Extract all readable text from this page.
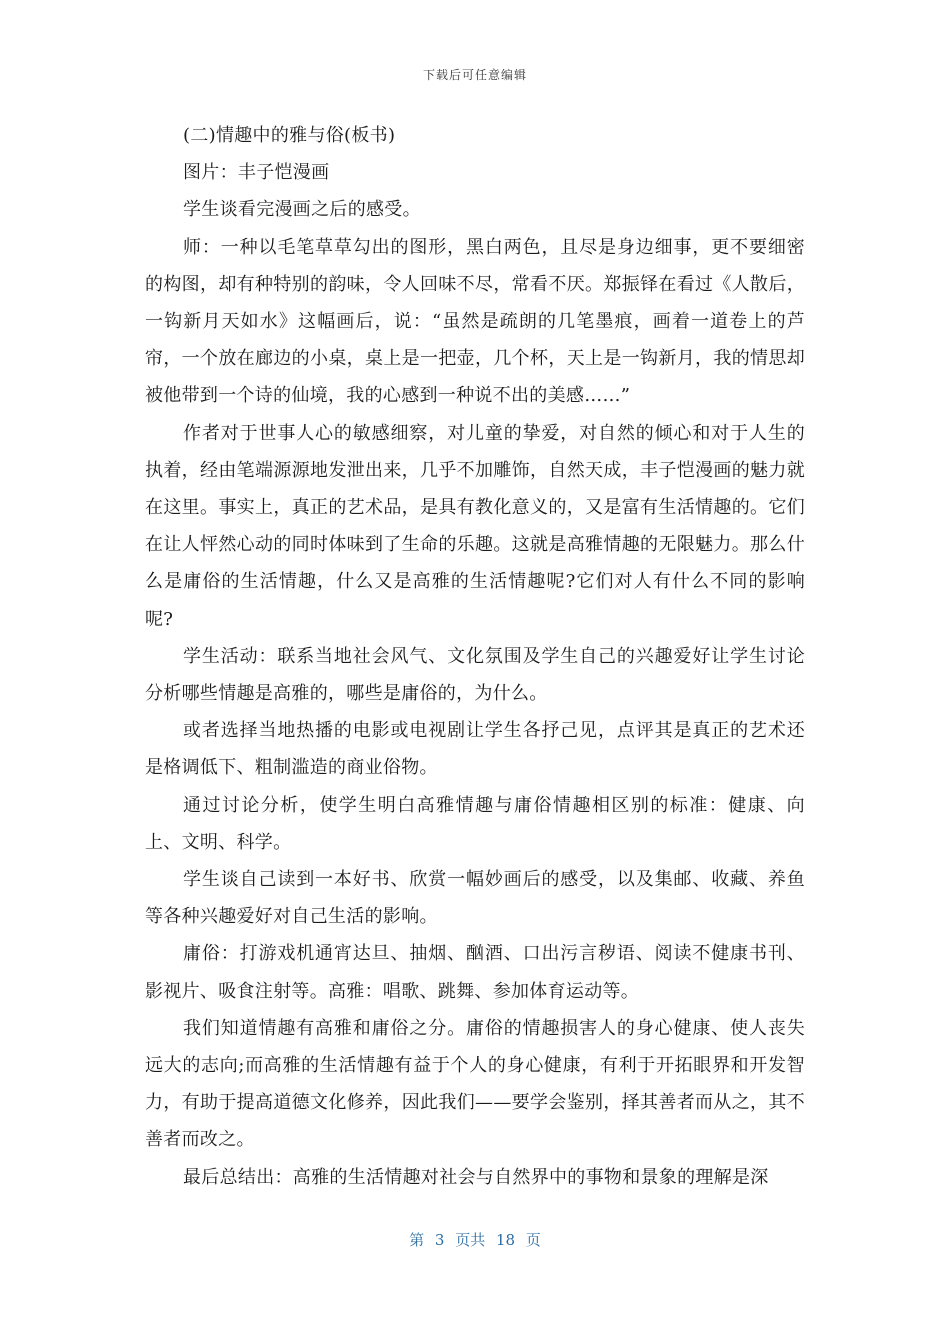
下载后可任意编辑

(二)情趣中的雅与俗(板书)

图片：丰子恺漫画

学生谈看完漫画之后的感受。

师：一种以毛笔草草勾出的图形，黑白两色，且尽是身边细事，更不要细密的构图，却有种特别的韵味，令人回味不尽，常看不厌。郑振铎在看过《人散后，一钩新月天如水》这幅画后，说：“虽然是疏朗的几笔墨痕，画着一道卷上的芦帘，一个放在廊边的小桌，桌上是一把壶，几个杯，天上是一钩新月，我的情思却被他带到一个诗的仙境，我的心感到一种说不出的美感……”

作者对于世事人心的敏感细察，对儿童的挚爱，对自然的倾心和对于人生的执着，经由笔端源源地发泄出来，几乎不加雕饰，自然天成，丰子恺漫画的魅力就在这里。事实上，真正的艺术品，是具有教化意义的，又是富有生活情趣的。它们在让人怦然心动的同时体味到了生命的乐趣。这就是高雅情趣的无限魅力。那么什么是庸俗的生活情趣，什么又是高雅的生活情趣呢?它们对人有什么不同的影响呢?

学生活动：联系当地社会风气、文化氛围及学生自己的兴趣爱好让学生讨论分析哪些情趣是高雅的，哪些是庸俗的，为什么。

或者选择当地热播的电影或电视剧让学生各抒己见，点评其是真正的艺术还是格调低下、粗制滥造的商业俗物。

通过讨论分析，使学生明白高雅情趣与庸俗情趣相区别的标准：健康、向上、文明、科学。

学生谈自己读到一本好书、欣赏一幅妙画后的感受，以及集邮、收藏、养鱼等各种兴趣爱好对自己生活的影响。

庸俗：打游戏机通宵达旦、抽烟、酗酒、口出污言秽语、阅读不健康书刊、影视片、吸食注射等。高雅：唱歌、跳舞、参加体育运动等。

我们知道情趣有高雅和庸俗之分。庸俗的情趣损害人的身心健康、使人丧失远大的志向;而高雅的生活情趣有益于个人的身心健康，有利于开拓眼界和开发智力，有助于提高道德文化修养，因此我们——要学会鉴别，择其善者而从之，其不善者而改之。

最后总结出：高雅的生活情趣对社会与自然界中的事物和景象的理解是深

第 3 页共 18 页
